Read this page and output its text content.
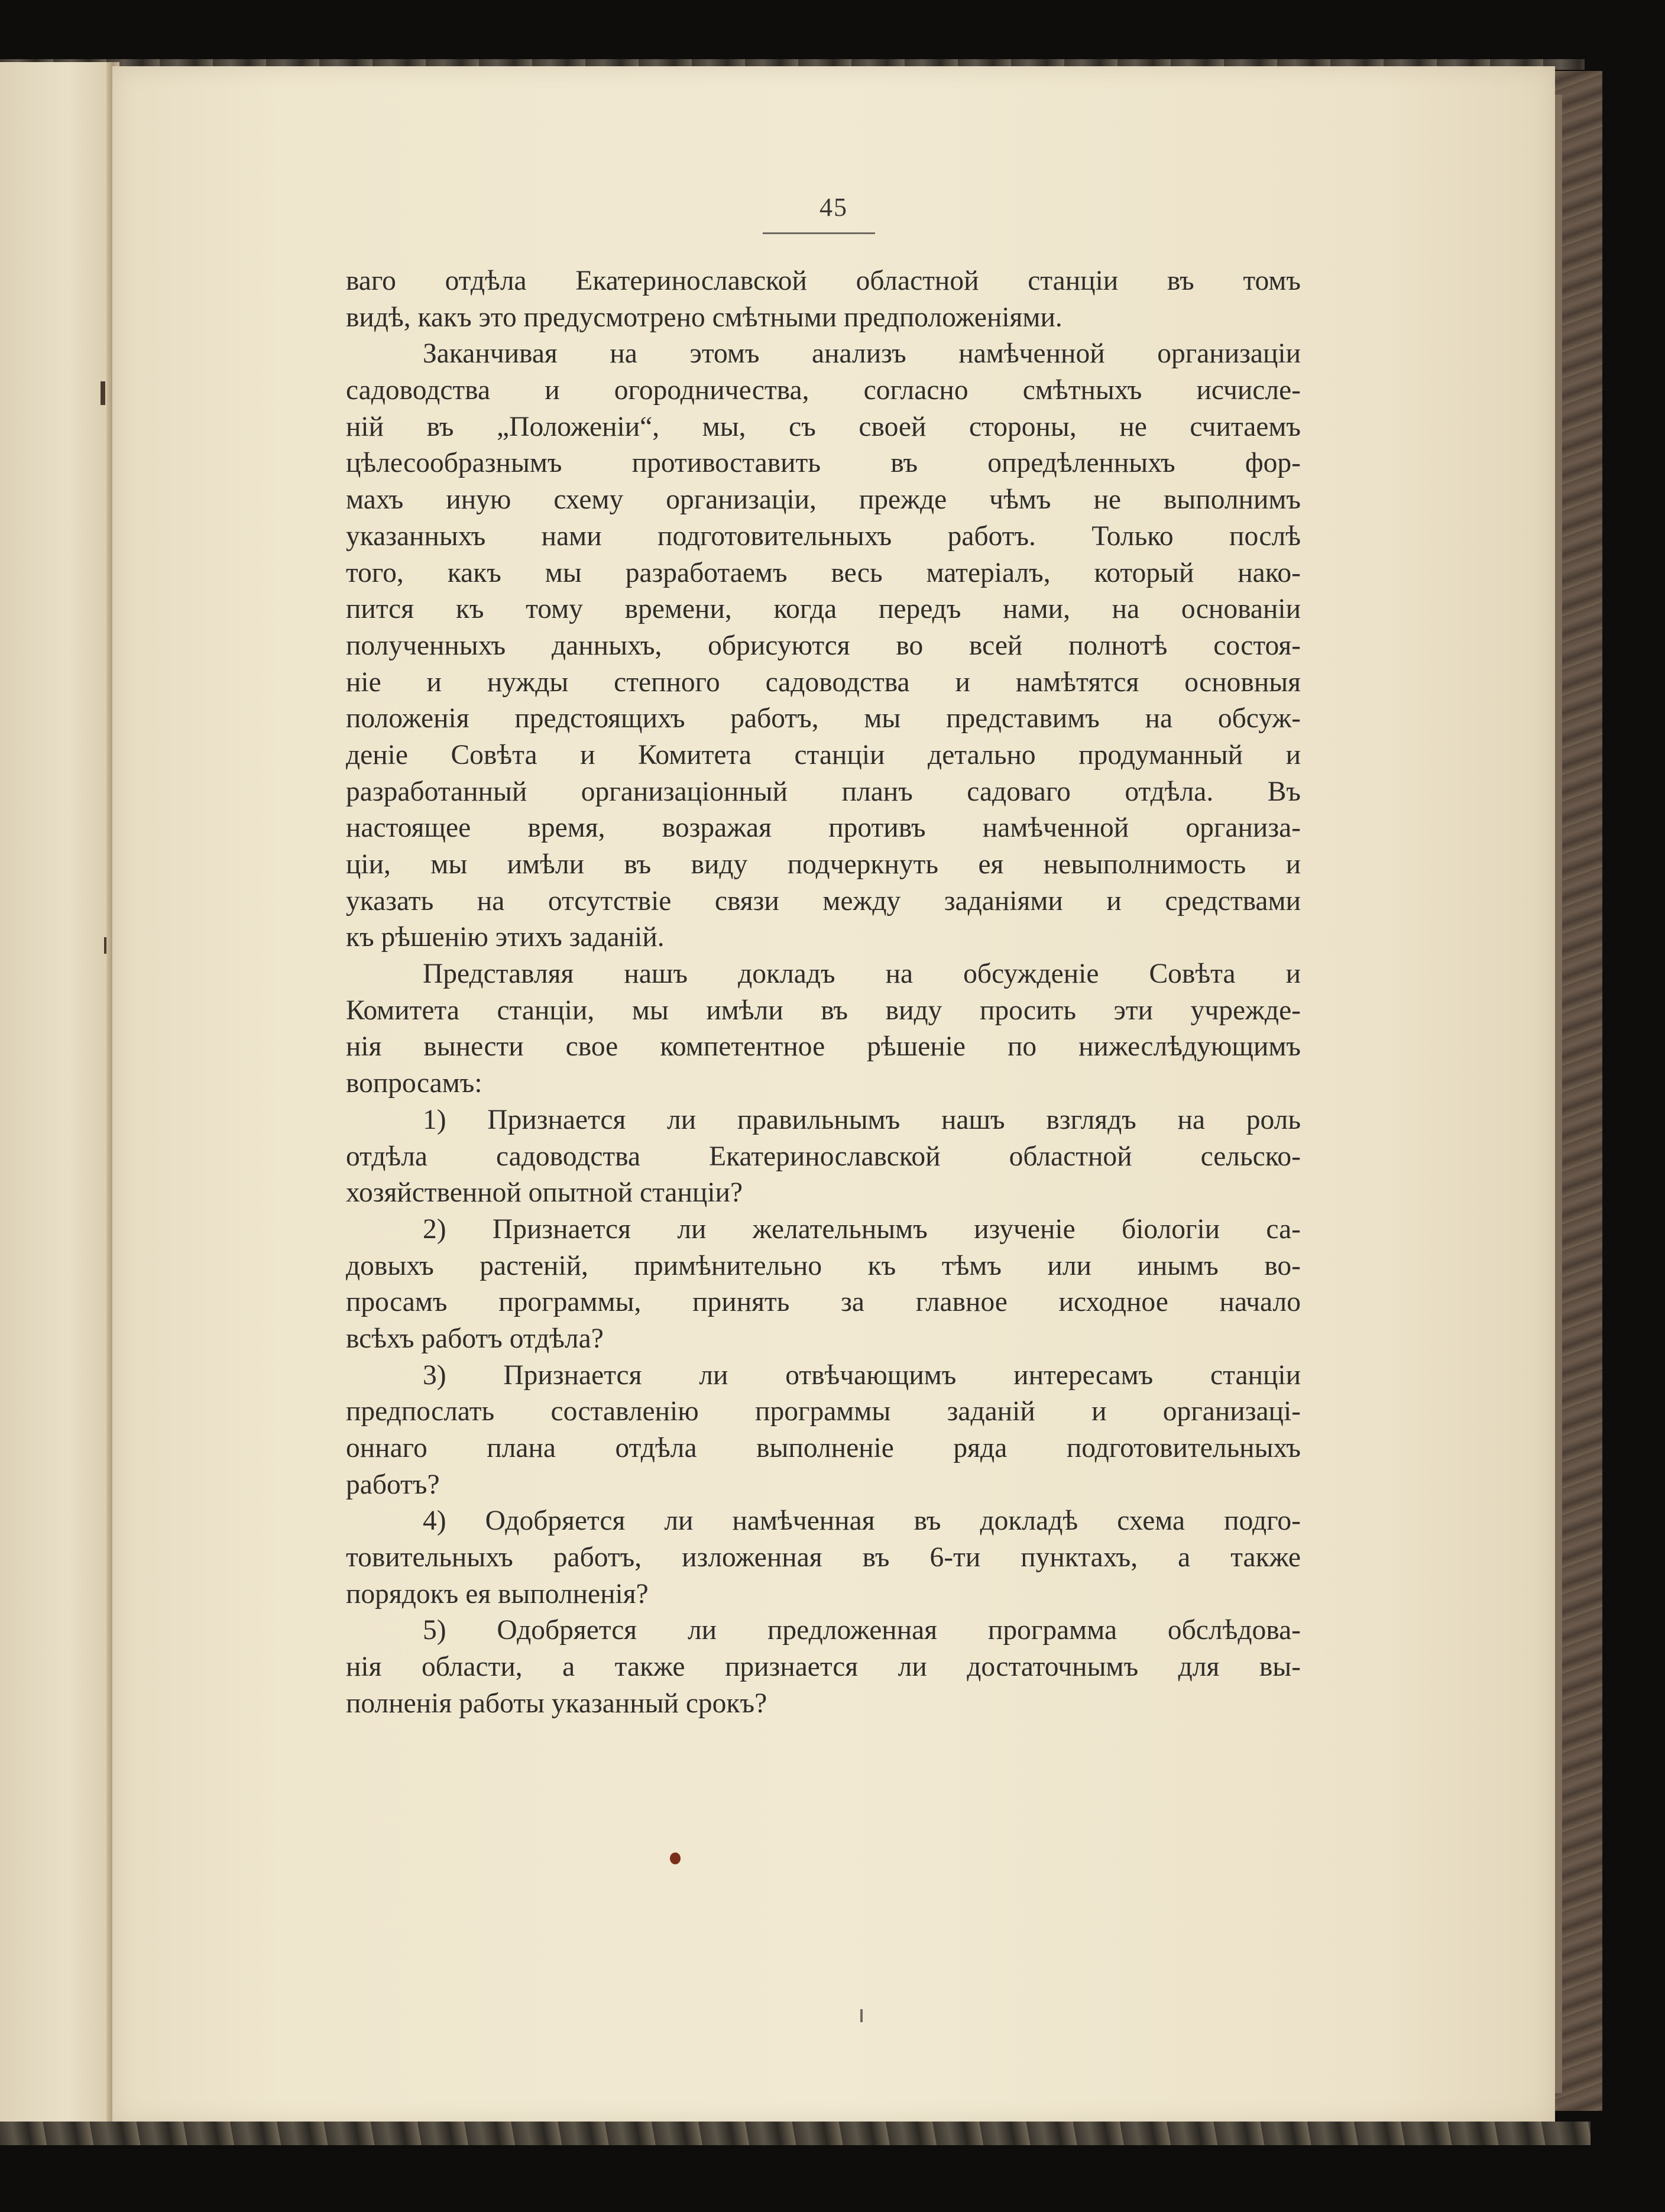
45
ваго отдѣла Екатеринославской областной станціи въ томъ
видѣ, какъ это предусмотрено смѣтными предположеніями.
Заканчивая на этомъ анализъ намѣченной организаціи
садоводства и огородничества, согласно смѣтныхъ исчисле-
ній въ „Положеніи“, мы, съ своей стороны, не считаемъ
цѣлесообразнымъ противоставить въ опредѣленныхъ фор-
махъ иную схему организаціи, прежде чѣмъ не выполнимъ
указанныхъ нами подготовительныхъ работъ. Только послѣ
того, какъ мы разработаемъ весь матеріалъ, который нако-
пится къ тому времени, когда передъ нами, на основаніи
полученныхъ данныхъ, обрисуются во всей полнотѣ состоя-
ніе и нужды степного садоводства и намѣтятся основныя
положенія предстоящихъ работъ, мы представимъ на обсуж-
деніе Совѣта и Комитета станціи детально продуманный и
разработанный организаціонный планъ садоваго отдѣла. Въ
настоящее время, возражая противъ намѣченной организа-
ціи, мы имѣли въ виду подчеркнуть ея невыполнимость и
указать на отсутствіе связи между заданіями и средствами
къ рѣшенію этихъ заданій.
Представляя нашъ докладъ на обсужденіе Совѣта и
Комитета станціи, мы имѣли въ виду просить эти учрежде-
нія вынести свое компетентное рѣшеніе по нижеслѣдующимъ
вопросамъ:
1) Признается ли правильнымъ нашъ взглядъ на роль
отдѣла садоводства Екатеринославской областной сельско-
хозяйственной опытной станціи?
2) Признается ли желательнымъ изученіе біологіи са-
довыхъ растеній, примѣнительно къ тѣмъ или инымъ во-
просамъ программы, принять за главное исходное начало
всѣхъ работъ отдѣла?
3) Признается ли отвѣчающимъ интересамъ станціи
предпослать составленію программы заданій и организаці-
оннаго плана отдѣла выполненіе ряда подготовительныхъ
работъ?
4) Одобряется ли намѣченная въ докладѣ схема подго-
товительныхъ работъ, изложенная въ 6-ти пунктахъ, а также
порядокъ ея выполненія?
5) Одобряется ли предложенная программа обслѣдова-
нія области, а также признается ли достаточнымъ для вы-
полненія работы указанный срокъ?
